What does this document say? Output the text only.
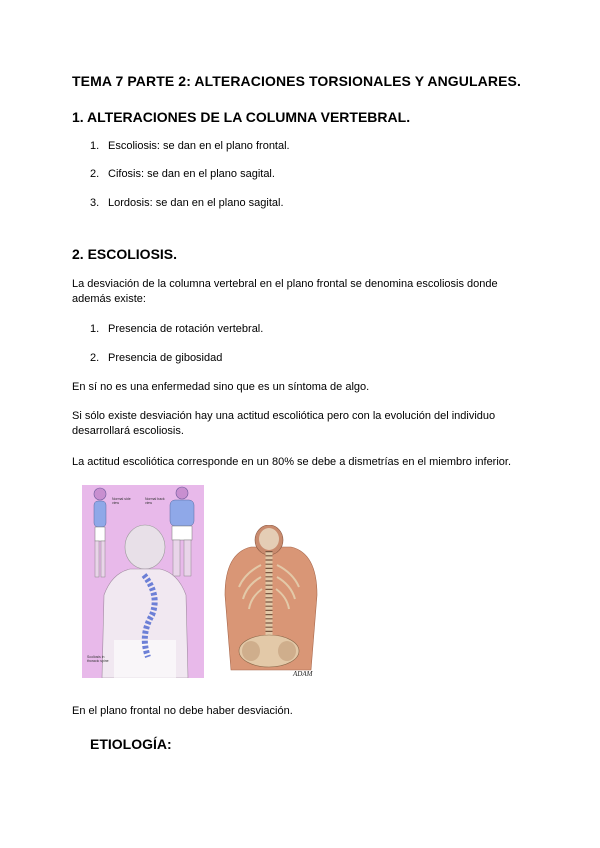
TEMA 7 PARTE 2: ALTERACIONES TORSIONALES Y ANGULARES.
1. ALTERACIONES DE LA COLUMNA VERTEBRAL.
1. Escoliosis: se dan en el plano frontal.
2. Cifosis: se dan en el plano sagital.
3. Lordosis: se dan en el plano sagital.
2. ESCOLIOSIS.
La desviación de la columna vertebral en el plano frontal se denomina escoliosis donde
además existe:
1. Presencia de rotación vertebral.
2. Presencia de gibosidad
En sí no es una enfermedad sino que es un síntoma de algo.
Si sólo existe desviación hay una actitud escoliótica pero con la evolución del individuo
desarrollará escoliosis.
La actitud escoliótica corresponde en un 80% se debe a dismetrías en el miembro inferior.
Normal side view
Normal back view
Scoliosis in thoracic spine
ADAM
En el plano frontal no debe haber desviación.
ETIOLOGÍA:
